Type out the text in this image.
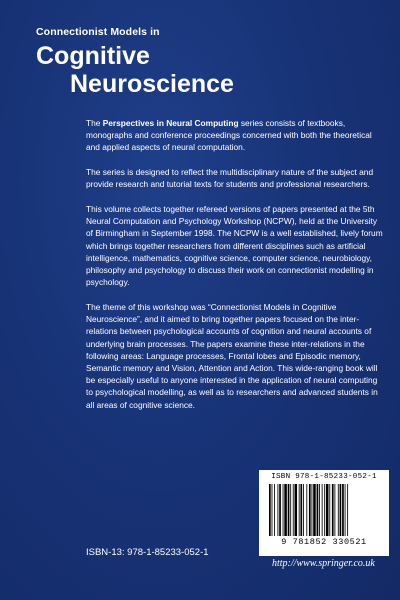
Connectionist Models in
Cognitive
Neuroscience

The Perspectives in Neural Computing series consists of textbooks, monographs and conference proceedings concerned with both the theoretical and applied aspects of neural computation.

The series is designed to reflect the multidisciplinary nature of the subject and provide research and tutorial texts for students and professional researchers.

This volume collects together refereed versions of papers presented at the 5th Neural Computation and Psychology Workshop (NCPW), held at the University of Birmingham in September 1998. The NCPW is a well established, lively forum which brings together researchers from different disciplines such as artificial intelligence, mathematics, cognitive science, computer science, neurobiology, philosophy and psychology to discuss their work on connectionist modelling in psychology.

The theme of this workshop was “Connectionist Models in Cognitive Neuroscience”, and it aimed to bring together papers focused on the inter-relations between psychological accounts of cognition and neural accounts of underlying brain processes. The papers examine these inter-relations in the following areas: Language processes, Frontal lobes and Episodic memory, Semantic memory and Vision, Attention and Action. This wide-ranging book will be especially useful to anyone interested in the application of neural computing to psychological modelling, as well as to researchers and advanced students in all areas of cognitive science.

ISBN-13: 978-1-85233-052-1
ISBN 978-1-85233-052-1
9 781852 330521
http://www.springer.co.uk
